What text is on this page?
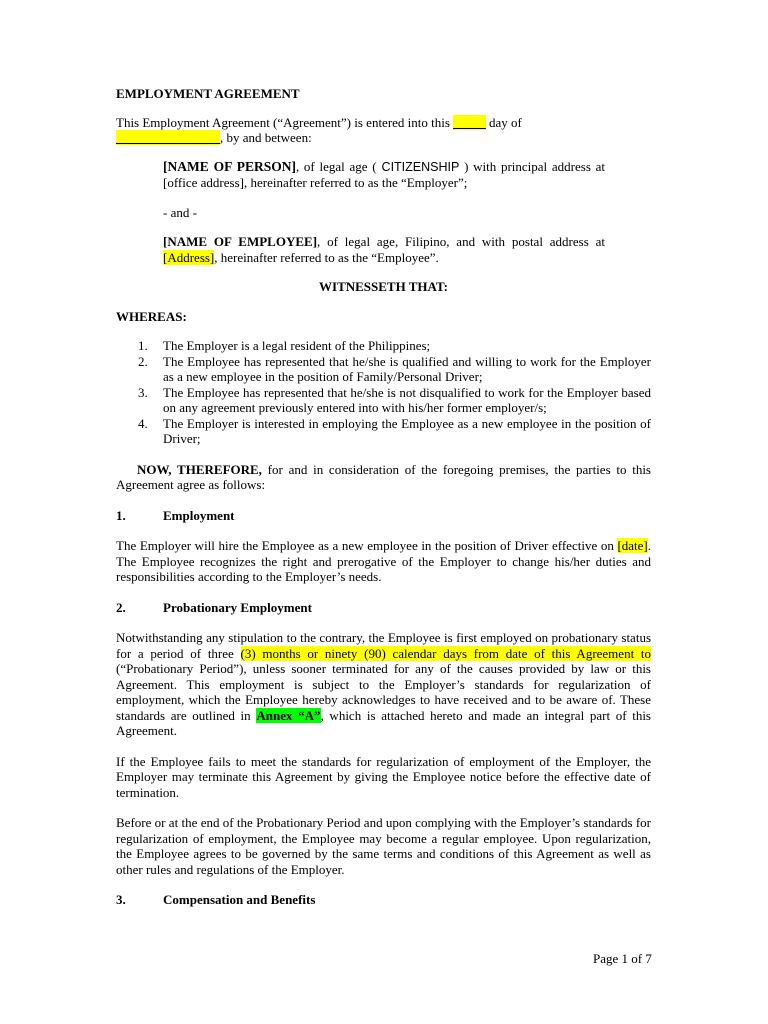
EMPLOYMENT AGREEMENT

This Employment Agreement (“Agreement”) is entered into this _____ day of
________________, by and between:

[NAME OF PERSON], of legal age ( CITIZENSHIP ) with principal address at [office address], hereinafter referred to as the “Employer”;

- and -

[NAME OF EMPLOYEE], of legal age, Filipino, and with postal address at [Address], hereinafter referred to as the “Employee”.

WITNESSETH THAT:

WHEREAS:

1. The Employer is a legal resident of the Philippines;
2. The Employee has represented that he/she is qualified and willing to work for the Employer as a new employee in the position of Family/Personal Driver;
3. The Employee has represented that he/she is not disqualified to work for the Employer based on any agreement previously entered into with his/her former employer/s;
4. The Employer is interested in employing the Employee as a new employee in the position of Driver;

NOW, THEREFORE, for and in consideration of the foregoing premises, the parties to this Agreement agree as follows:

1.	Employment

The Employer will hire the Employee as a new employee in the position of Driver effective on [date]. The Employee recognizes the right and prerogative of the Employer to change his/her duties and responsibilities according to the Employer’s needs.

2.	Probationary Employment

Notwithstanding any stipulation to the contrary, the Employee is first employed on probationary status for a period of three (3) months or ninety (90) calendar days from date of this Agreement to (“Probationary Period”), unless sooner terminated for any of the causes provided by law or this Agreement. This employment is subject to the Employer’s standards for regularization of employment, which the Employee hereby acknowledges to have received and to be aware of. These standards are outlined in Annex “A”, which is attached hereto and made an integral part of this Agreement.

If the Employee fails to meet the standards for regularization of employment of the Employer, the Employer may terminate this Agreement by giving the Employee notice before the effective date of termination.

Before or at the end of the Probationary Period and upon complying with the Employer’s standards for regularization of employment, the Employee may become a regular employee. Upon regularization, the Employee agrees to be governed by the same terms and conditions of this Agreement as well as other rules and regulations of the Employer.

3.	Compensation and Benefits
Page 1 of 7
